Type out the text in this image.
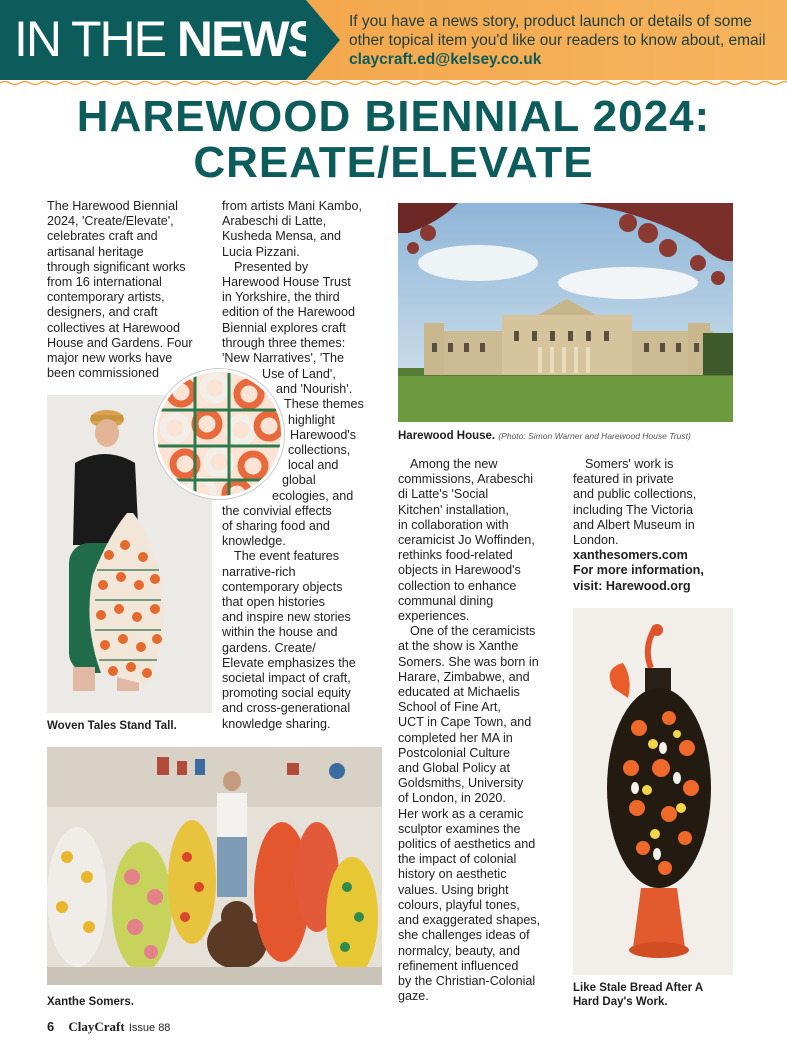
IN THE NEWS If you have a news story, product launch or details of some other topical item you'd like our readers to know about, email claycraft.ed@kelsey.co.uk
HAREWOOD BIENNIAL 2024:
CREATE/ELEVATE

The Harewood Biennial
2024, 'Create/Elevate',
celebrates craft and
artisanal heritage
through significant works
from 16 international
contemporary artists,
designers, and craft
collectives at Harewood
House and Gardens. Four
major new works have
been commissioned

Woven Tales Stand Tall.

from artists Mani Kambo,
Arabeschi di Latte,
Kusheda Mensa, and
Lucia Pizzani.

Presented by
Harewood House Trust
in Yorkshire, the third
edition of the Harewood
Biennial explores craft
through three themes:
'New Narratives', 'The

Use of Land',
and 'Nourish'.
These themes
highlight
Harewood's
collections,
local and
global
ecologies, and
the convivial effects

of sharing food and
knowledge.

The event features
narrative-rich
contemporary objects
that open histories
and inspire new stories
within the house and
gardens. Create/
Elevate emphasizes the
societal impact of craft,
promoting social equity
and cross-generational
knowledge sharing.

Harewood House. (Photo: Simon Warner and Harewood House Trust)

Among the new
commissions, Arabeschi
di Latte's 'Social
Kitchen' installation,
in collaboration with
ceramicist Jo Woffinden,
rethinks food-related
objects in Harewood's
collection to enhance
communal dining
experiences.

One of the ceramicists
at the show is Xanthe
Somers. She was born in
Harare, Zimbabwe, and
educated at Michaelis
School of Fine Art,
UCT in Cape Town, and
completed her MA in
Postcolonial Culture
and Global Policy at
Goldsmiths, University
of London, in 2020.
Her work as a ceramic
sculptor examines the
politics of aesthetics and
the impact of colonial
history on aesthetic
values. Using bright
colours, playful tones,
and exaggerated shapes,
she challenges ideas of
normalcy, beauty, and
refinement influenced
by the Christian-Colonial
gaze.

Somers' work is
featured in private
and public collections,
including The Victoria
and Albert Museum in
London.

xanthesomers.com

For more information,
visit: Harewood.org

Xanthe Somers.
Like Stale Bread After A
Hard Day's Work.
6 ClayCraft Issue 88
